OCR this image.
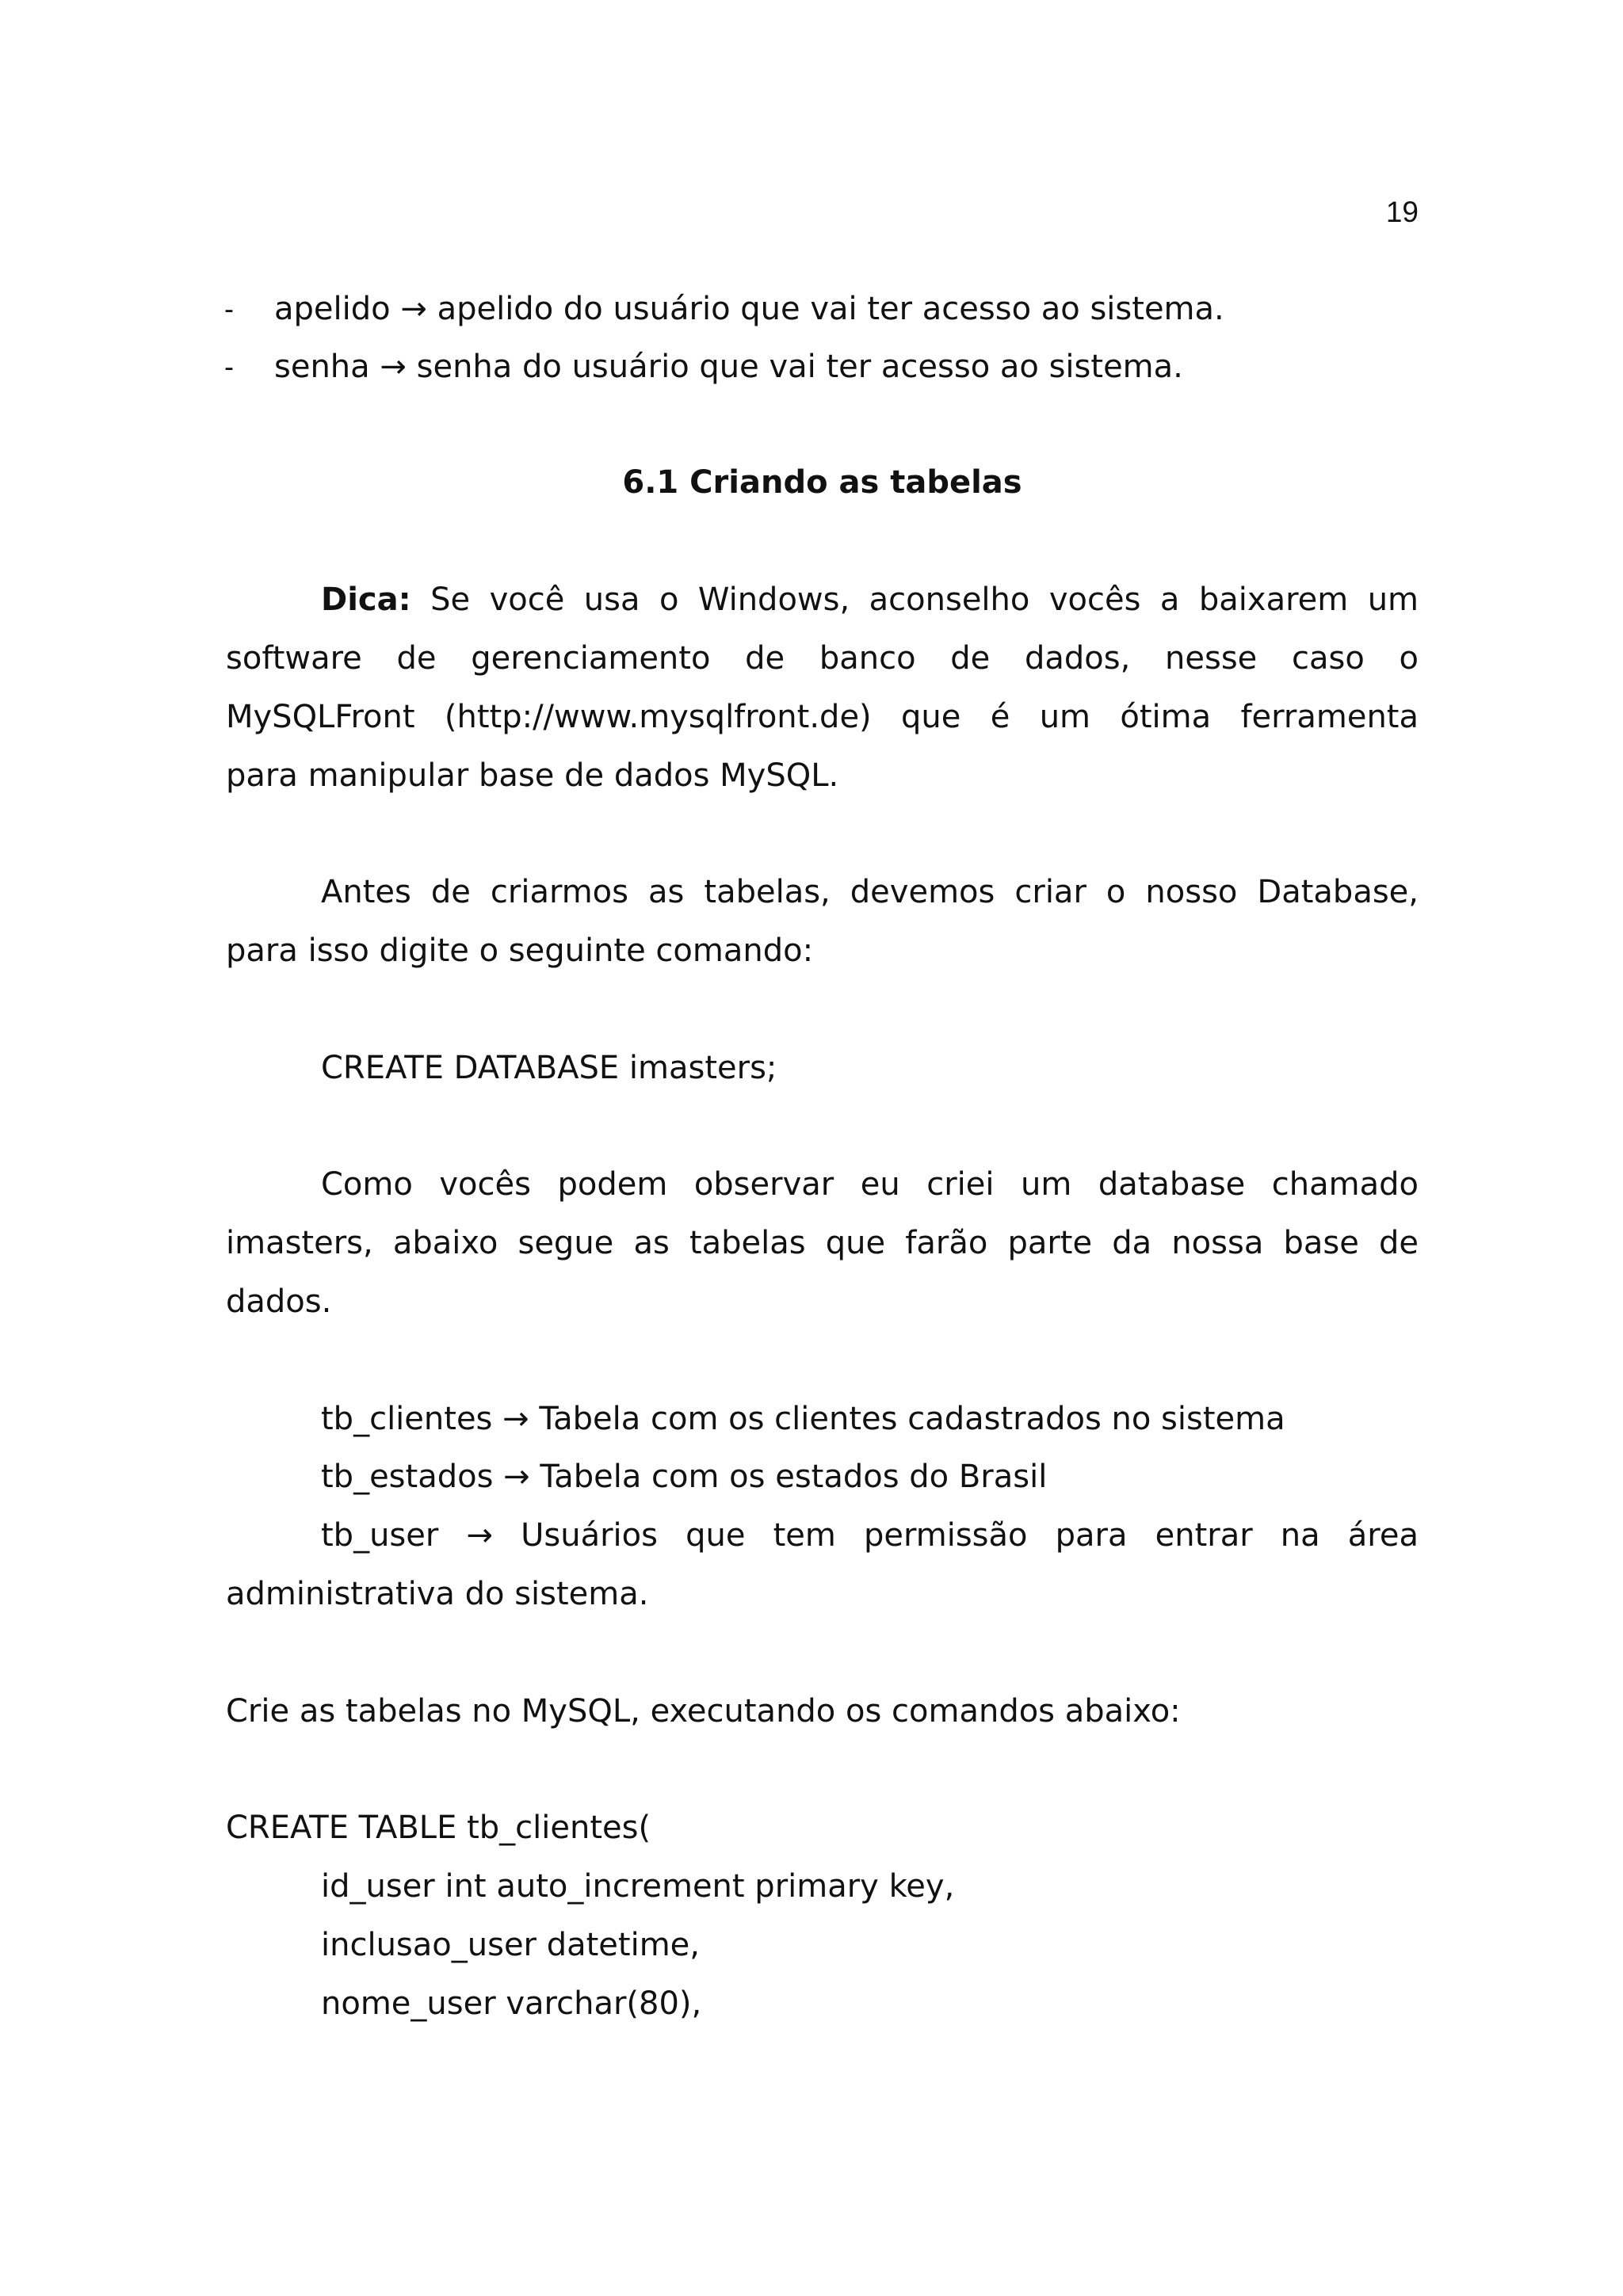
19
- apelido → apelido do usuário que vai ter acesso ao sistema.
- senha → senha do usuário que vai ter acesso ao sistema.
6.1 Criando as tabelas
Dica: Se você usa o Windows, aconselho vocês a baixarem um
software de gerenciamento de banco de dados, nesse caso o
MySQLFront (http://www.mysqlfront.de) que é um ótima ferramenta
para manipular base de dados MySQL.
Antes de criarmos as tabelas, devemos criar o nosso Database,
para isso digite o seguinte comando:
CREATE DATABASE imasters;
Como vocês podem observar eu criei um database chamado
imasters, abaixo segue as tabelas que farão parte da nossa base de
dados.
tb_clientes → Tabela com os clientes cadastrados no sistema
tb_estados → Tabela com os estados do Brasil
tb_user → Usuários que tem permissão para entrar na área
administrativa do sistema.
Crie as tabelas no MySQL, executando os comandos abaixo:
CREATE TABLE tb_clientes(
id_user int auto_increment primary key,
inclusao_user datetime,
nome_user varchar(80),
